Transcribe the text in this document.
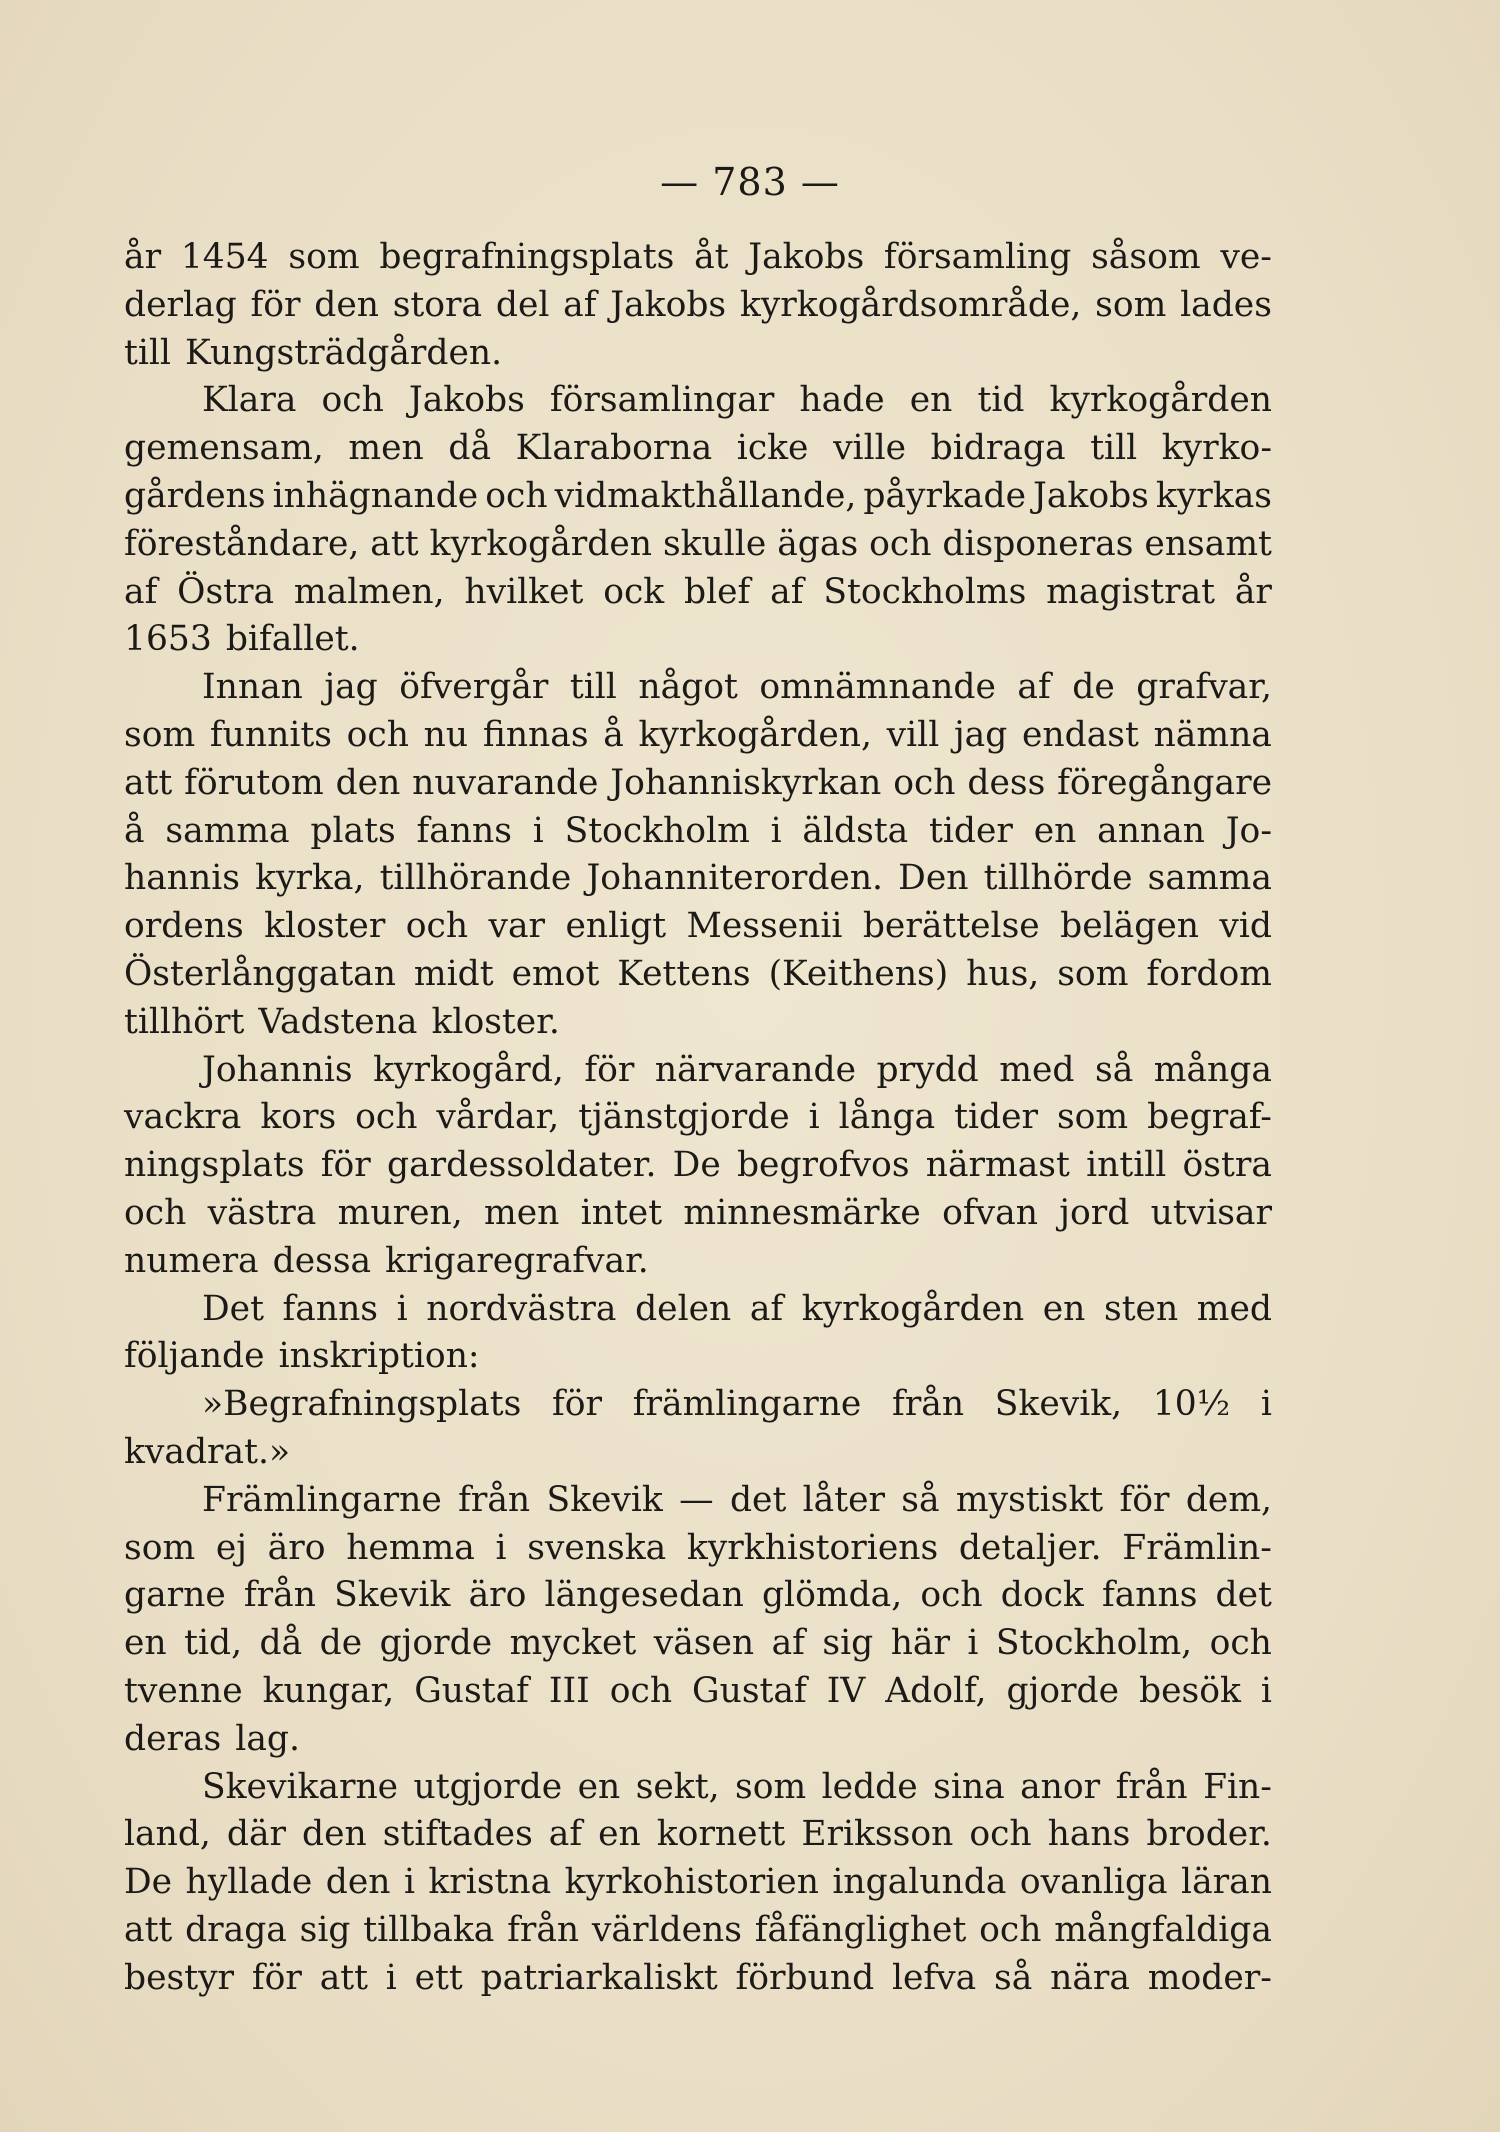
— 783 —
år 1454 som begrafningsplats åt Jakobs församling såsom ve-
derlag för den stora del af Jakobs kyrkogårdsområde, som lades
till Kungsträdgården.
Klara och Jakobs församlingar hade en tid kyrkogården
gemensam, men då Klaraborna icke ville bidraga till kyrko-
gårdens inhägnande och vidmakthållande, påyrkade Jakobs kyrkas
föreståndare, att kyrkogården skulle ägas och disponeras ensamt
af Östra malmen, hvilket ock blef af Stockholms magistrat år
1653 bifallet.
Innan jag öfvergår till något omnämnande af de grafvar,
som funnits och nu finnas å kyrkogården, vill jag endast nämna
att förutom den nuvarande Johanniskyrkan och dess föregångare
å samma plats fanns i Stockholm i äldsta tider en annan Jo-
hannis kyrka, tillhörande Johanniterorden. Den tillhörde samma
ordens kloster och var enligt Messenii berättelse belägen vid
Österlånggatan midt emot Kettens (Keithens) hus, som fordom
tillhört Vadstena kloster.
Johannis kyrkogård, för närvarande prydd med så många
vackra kors och vårdar, tjänstgjorde i långa tider som begraf-
ningsplats för gardessoldater. De begrofvos närmast intill östra
och västra muren, men intet minnesmärke ofvan jord utvisar
numera dessa krigaregrafvar.
Det fanns i nordvästra delen af kyrkogården en sten med
följande inskription:
»Begrafningsplats för främlingarne från Skevik, 10½ i
kvadrat.»
Främlingarne från Skevik — det låter så mystiskt för dem,
som ej äro hemma i svenska kyrkhistoriens detaljer. Främlin-
garne från Skevik äro längesedan glömda, och dock fanns det
en tid, då de gjorde mycket väsen af sig här i Stockholm, och
tvenne kungar, Gustaf III och Gustaf IV Adolf, gjorde besök i
deras lag.
Skevikarne utgjorde en sekt, som ledde sina anor från Fin-
land, där den stiftades af en kornett Eriksson och hans broder.
De hyllade den i kristna kyrkohistorien ingalunda ovanliga läran
att draga sig tillbaka från världens fåfänglighet och mångfaldiga
bestyr för att i ett patriarkaliskt förbund lefva så nära moder-
